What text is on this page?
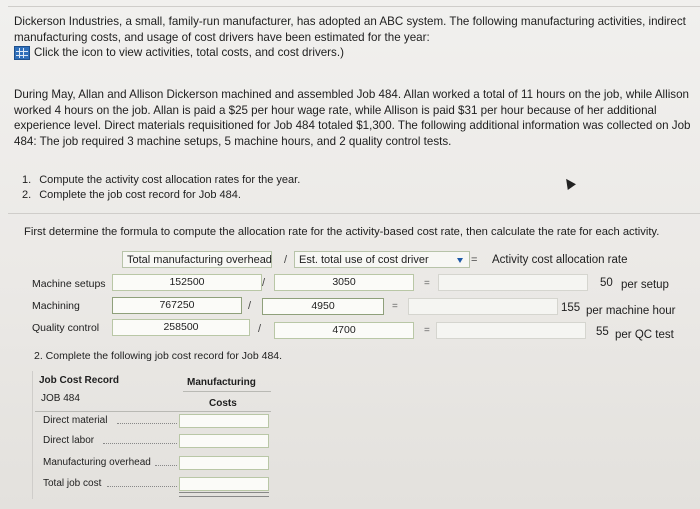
Dickerson Industries, a small, family-run manufacturer, has adopted an ABC system. The following manufacturing activities, indirect

manufacturing costs, and usage of cost drivers have been estimated for the year:

Click the icon to view activities, total costs, and cost drivers.)

During May, Allan and Allison Dickerson machined and assembled Job 484. Allan worked a total of 11 hours on the job, while Allison

worked 4 hours on the job. Allan is paid a $25 per hour wage rate, while Allison is paid $31 per hour because of her additional

experience level. Direct materials requisitioned for Job 484 totaled $1,300. The following additional information was collected on Job

484: The job required 3 machine setups, 5 machine hours, and 2 quality control tests.

1. Compute the activity cost allocation rates for the year.
2. Complete the job cost record for Job 484.
First determine the formula to compute the allocation rate for the activity-based cost rate, then calculate the rate for each activity.
Total manufacturing overhead /	Est. total use of cost driver	= Activity cost allocation rate
Machine setups	152500	/	3050	=	50 per setup
Machining	767250	/	4950	=	155 per machine hour
Quality control	258500	/	4700	=	55 per QC test
2. Complete the following job cost record for Job 484.
Job Cost Record	Manufacturing
JOB 484	Costs
Direct material
Direct labor
Manufacturing overhead
Total job cost
